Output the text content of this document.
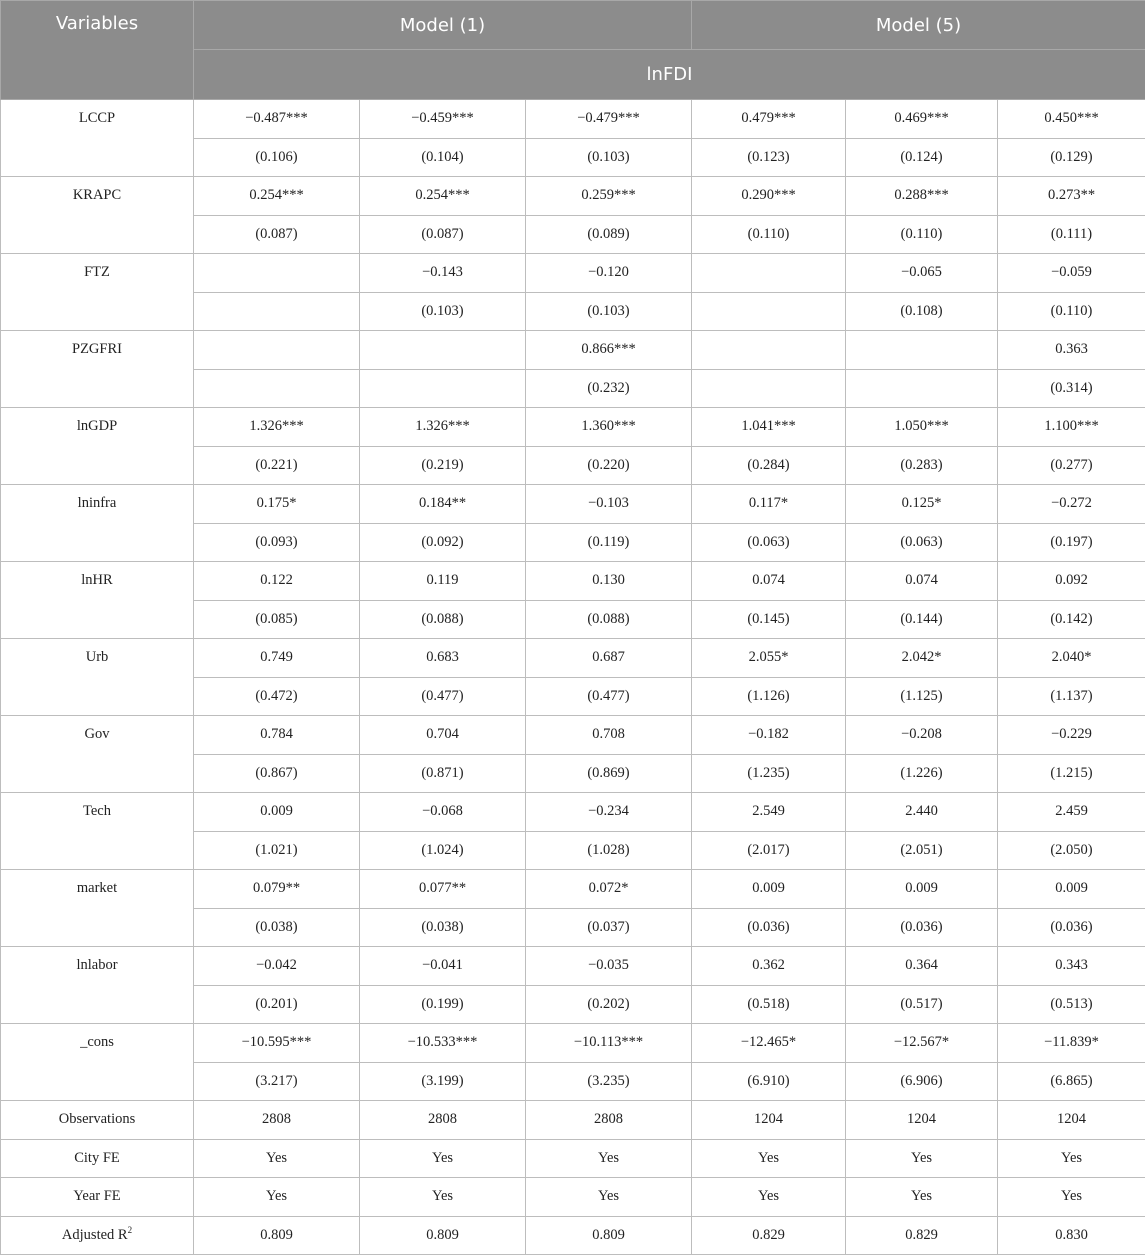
Variables	Model (1)			Model (5)		
	lnFDI					
LCCP	−0.487***	−0.459***	−0.479***	0.479***	0.469***	0.450***
	(0.106)	(0.104)	(0.103)	(0.123)	(0.124)	(0.129)
KRAPC	0.254***	0.254***	0.259***	0.290***	0.288***	0.273**
	(0.087)	(0.087)	(0.089)	(0.110)	(0.110)	(0.111)
FTZ		−0.143	−0.120		−0.065	−0.059
		(0.103)	(0.103)		(0.108)	(0.110)
PZGFRI			0.866***			0.363
			(0.232)			(0.314)
lnGDP	1.326***	1.326***	1.360***	1.041***	1.050***	1.100***
	(0.221)	(0.219)	(0.220)	(0.284)	(0.283)	(0.277)
lninfra	0.175*	0.184**	−0.103	0.117*	0.125*	−0.272
	(0.093)	(0.092)	(0.119)	(0.063)	(0.063)	(0.197)
lnHR	0.122	0.119	0.130	0.074	0.074	0.092
	(0.085)	(0.088)	(0.088)	(0.145)	(0.144)	(0.142)
Urb	0.749	0.683	0.687	2.055*	2.042*	2.040*
	(0.472)	(0.477)	(0.477)	(1.126)	(1.125)	(1.137)
Gov	0.784	0.704	0.708	−0.182	−0.208	−0.229
	(0.867)	(0.871)	(0.869)	(1.235)	(1.226)	(1.215)
Tech	0.009	−0.068	−0.234	2.549	2.440	2.459
	(1.021)	(1.024)	(1.028)	(2.017)	(2.051)	(2.050)
market	0.079**	0.077**	0.072*	0.009	0.009	0.009
	(0.038)	(0.038)	(0.037)	(0.036)	(0.036)	(0.036)
lnlabor	−0.042	−0.041	−0.035	0.362	0.364	0.343
	(0.201)	(0.199)	(0.202)	(0.518)	(0.517)	(0.513)
_cons	−10.595***	−10.533***	−10.113***	−12.465*	−12.567*	−11.839*
	(3.217)	(3.199)	(3.235)	(6.910)	(6.906)	(6.865)
Observations	2808	2808	2808	1204	1204	1204
City FE	Yes	Yes	Yes	Yes	Yes	Yes
Year FE	Yes	Yes	Yes	Yes	Yes	Yes
Adjusted $R^2$	0.809	0.809	0.809	0.829	0.829	0.830
